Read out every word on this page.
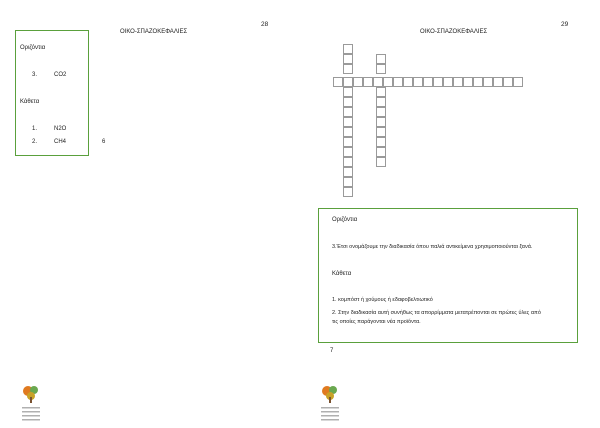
28
ΟΙΚΟ-ΣΠΑΖΟΚΕΦΑΛΙΕΣ
Οριζόντια
3.	CO2
Κάθετα
1.	N2O
2.	CH4	6
29
ΟΙΚΟ-ΣΠΑΖΟΚΕΦΑΛΙΕΣ
Οριζόντια
3.Έτσι ονομάζουμε την διαδικασία όπου παλιά αντικείμενα χρησιμοποιούνται ξανά.
Κάθετα
1. κομπόστ ή χούμους ή εδαφοβελτιωτικό
2. Στην διαδικασία αυτή συνήθως τα απορρίμματα μετατρέπονται σε πρώτες ύλες από
τις οποίες παράγονται νέα προϊόντα.
7
